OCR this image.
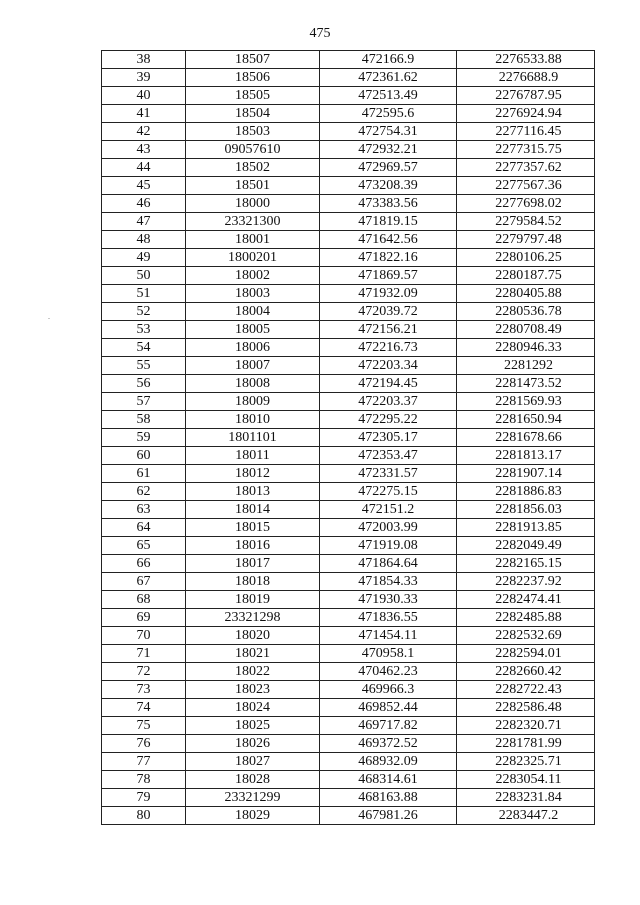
475
.
38	18507	472166.9	2276533.88
39	18506	472361.62	2276688.9
40	18505	472513.49	2276787.95
41	18504	472595.6	2276924.94
42	18503	472754.31	2277116.45
43	09057610	472932.21	2277315.75
44	18502	472969.57	2277357.62
45	18501	473208.39	2277567.36
46	18000	473383.56	2277698.02
47	23321300	471819.15	2279584.52
48	18001	471642.56	2279797.48
49	1800201	471822.16	2280106.25
50	18002	471869.57	2280187.75
51	18003	471932.09	2280405.88
52	18004	472039.72	2280536.78
53	18005	472156.21	2280708.49
54	18006	472216.73	2280946.33
55	18007	472203.34	2281292
56	18008	472194.45	2281473.52
57	18009	472203.37	2281569.93
58	18010	472295.22	2281650.94
59	1801101	472305.17	2281678.66
60	18011	472353.47	2281813.17
61	18012	472331.57	2281907.14
62	18013	472275.15	2281886.83
63	18014	472151.2	2281856.03
64	18015	472003.99	2281913.85
65	18016	471919.08	2282049.49
66	18017	471864.64	2282165.15
67	18018	471854.33	2282237.92
68	18019	471930.33	2282474.41
69	23321298	471836.55	2282485.88
70	18020	471454.11	2282532.69
71	18021	470958.1	2282594.01
72	18022	470462.23	2282660.42
73	18023	469966.3	2282722.43
74	18024	469852.44	2282586.48
75	18025	469717.82	2282320.71
76	18026	469372.52	2281781.99
77	18027	468932.09	2282325.71
78	18028	468314.61	2283054.11
79	23321299	468163.88	2283231.84
80	18029	467981.26	2283447.2
